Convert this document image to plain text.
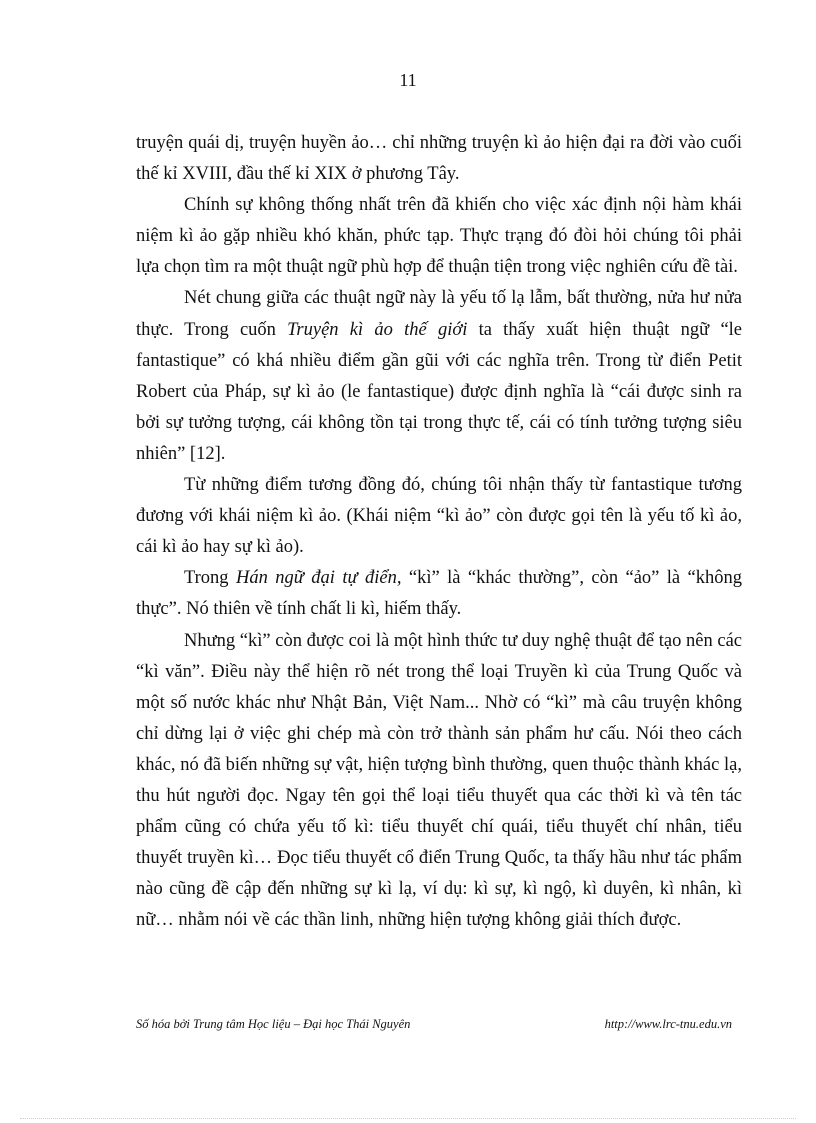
11

truyện quái dị, truyện huyền ảo… chỉ những truyện kì ảo hiện đại ra đời vào cuối thế kỉ XVIII, đầu thế kỉ XIX ở phương Tây.

Chính sự không thống nhất trên đã khiến cho việc xác định nội hàm khái niệm kì ảo gặp nhiều khó khăn, phức tạp. Thực trạng đó đòi hỏi chúng tôi phải lựa chọn tìm ra một thuật ngữ phù hợp để thuận tiện trong việc nghiên cứu đề tài.

Nét chung giữa các thuật ngữ này là yếu tố lạ lẫm, bất thường, nửa hư nửa thực. Trong cuốn Truyện kì ảo thế giới ta thấy xuất hiện thuật ngữ “le fantastique” có khá nhiều điểm gần gũi với các nghĩa trên. Trong từ điển Petit Robert của Pháp, sự kì ảo (le fantastique) được định nghĩa là “cái được sinh ra bởi sự tưởng tượng, cái không tồn tại trong thực tế, cái có tính tưởng tượng siêu nhiên” [12].

Từ những điểm tương đồng đó, chúng tôi nhận thấy từ fantastique tương đương với khái niệm kì ảo. (Khái niệm “kì ảo” còn được gọi tên là yếu tố kì ảo, cái kì ảo hay sự kì ảo).

Trong Hán ngữ đại tự điển, “kì” là “khác thường”, còn “ảo” là “không thực”. Nó thiên về tính chất li kì, hiếm thấy.

Nhưng “kì” còn được coi là một hình thức tư duy nghệ thuật để tạo nên các “kì văn”. Điều này thể hiện rõ nét trong thể loại Truyền kì của Trung Quốc và một số nước khác như Nhật Bản, Việt Nam... Nhờ có “kì” mà câu truyện không chỉ dừng lại ở việc ghi chép mà còn trở thành sản phẩm hư cấu. Nói theo cách khác, nó đã biến những sự vật, hiện tượng bình thường, quen thuộc thành khác lạ, thu hút người đọc. Ngay tên gọi thể loại tiểu thuyết qua các thời kì và tên tác phẩm cũng có chứa yếu tố kì: tiểu thuyết chí quái, tiểu thuyết chí nhân, tiểu thuyết truyền kì… Đọc tiểu thuyết cổ điển Trung Quốc, ta thấy hầu như tác phẩm nào cũng đề cập đến những sự kì lạ, ví dụ: kì sự, kì ngộ, kì duyên, kì nhân, kì nữ… nhằm nói về các thần linh, những hiện tượng không giải thích được.

Số hóa bởi Trung tâm Học liệu – Đại học Thái Nguyên	http://www.lrc-tnu.edu.vn
